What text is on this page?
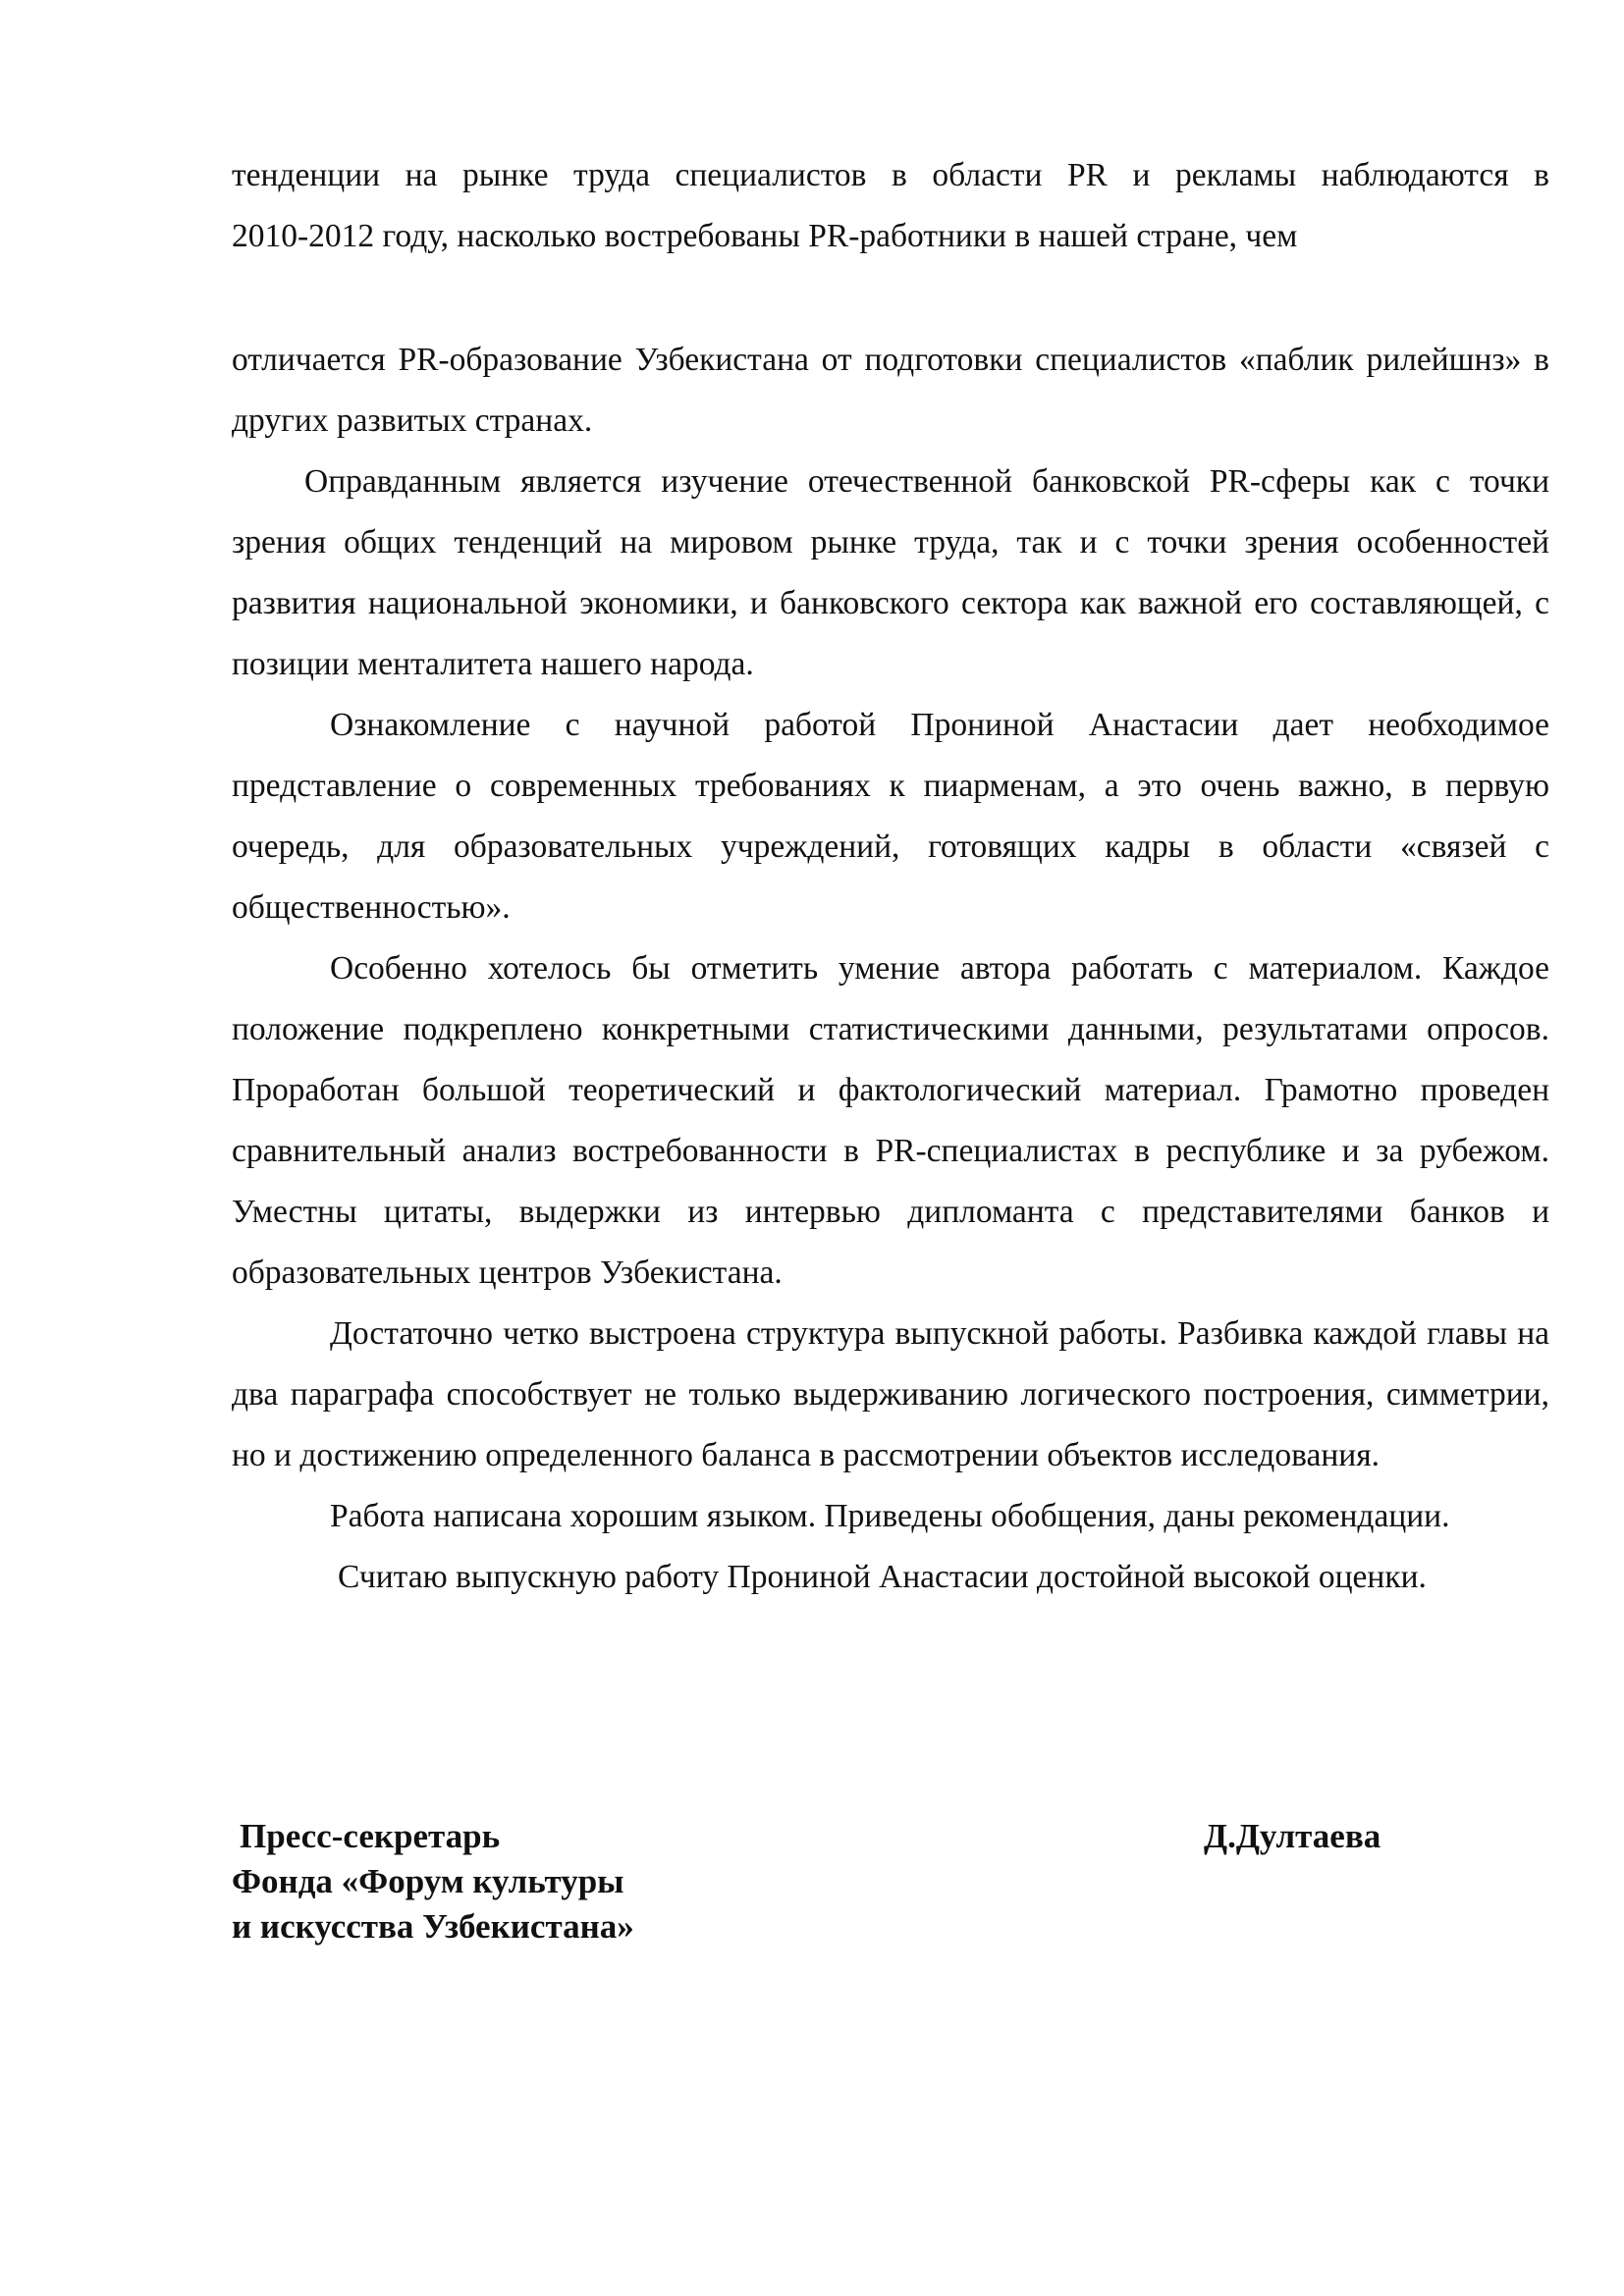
тенденции на рынке труда специалистов в области PR и рекламы наблюдаются в

2010-2012 году, насколько востребованы PR-работники в нашей стране, чем

отличается PR-образование Узбекистана от подготовки специалистов «паблик рилейшнз» в других развитых странах.

Оправданным является изучение отечественной банковской PR-сферы как с точки зрения общих тенденций на мировом рынке труда, так и с точки зрения особенностей развития национальной экономики, и банковского сектора как важной его составляющей, с позиции менталитета нашего народа.

Ознакомление с научной работой Прониной Анастасии дает необходимое представление о современных требованиях к пиарменам, а это очень важно, в первую очередь, для образовательных учреждений, готовящих кадры в области «связей с общественностью».

Особенно хотелось бы отметить умение автора работать с материалом. Каждое положение подкреплено конкретными статистическими данными, результатами опросов. Проработан большой теоретический и фактологический материал. Грамотно проведен сравнительный анализ востребованности в PR-специалистах в республике и за рубежом. Уместны цитаты, выдержки из интервью дипломанта с представителями банков и образовательных центров Узбекистана.

Достаточно четко выстроена структура выпускной работы. Разбивка каждой главы на два параграфа способствует не только выдерживанию логического построения, симметрии, но и достижению определенного баланса в рассмотрении объектов исследования.

Работа написана хорошим языком. Приведены обобщения, даны рекомендации.

Считаю выпускную работу Прониной Анастасии достойной высокой оценки.

Пресс-секретарь
Фонда «Форум культуры
и искусства Узбекистана»
Д.Дултаева
